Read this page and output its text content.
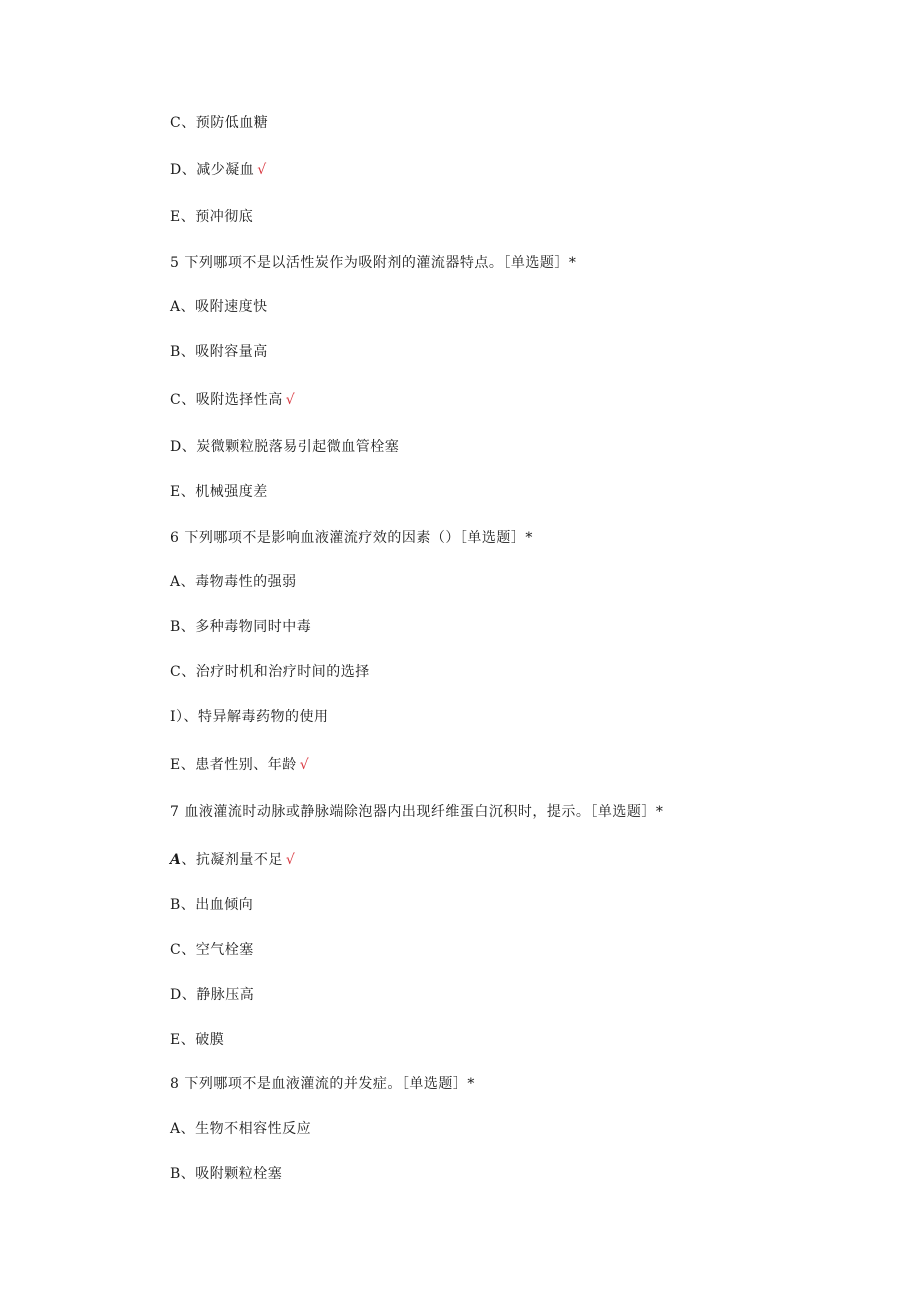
C、预防低血糖
D、减少凝血 √
E、预冲彻底
5 下列哪项不是以活性炭作为吸附剂的灌流器特点。［单选题］*
A、吸附速度快
B、吸附容量高
C、吸附选择性高 √
D、炭微颗粒脱落易引起微血管栓塞
E、机械强度差
6 下列哪项不是影响血液灌流疗效的因素（）［单选题］*
A、毒物毒性的强弱
B、多种毒物同时中毒
C、治疗时机和治疗时间的选择
I）、特异解毒药物的使用
E、患者性别、年龄 √
7 血液灌流时动脉或静脉端除泡器内出现纤维蛋白沉积时，提示。［单选题］*
A、抗凝剂量不足 √
B、出血倾向
C、空气栓塞
D、静脉压高
E、破膜
8 下列哪项不是血液灌流的并发症。［单选题］*
A、生物不相容性反应
B、吸附颗粒栓塞
